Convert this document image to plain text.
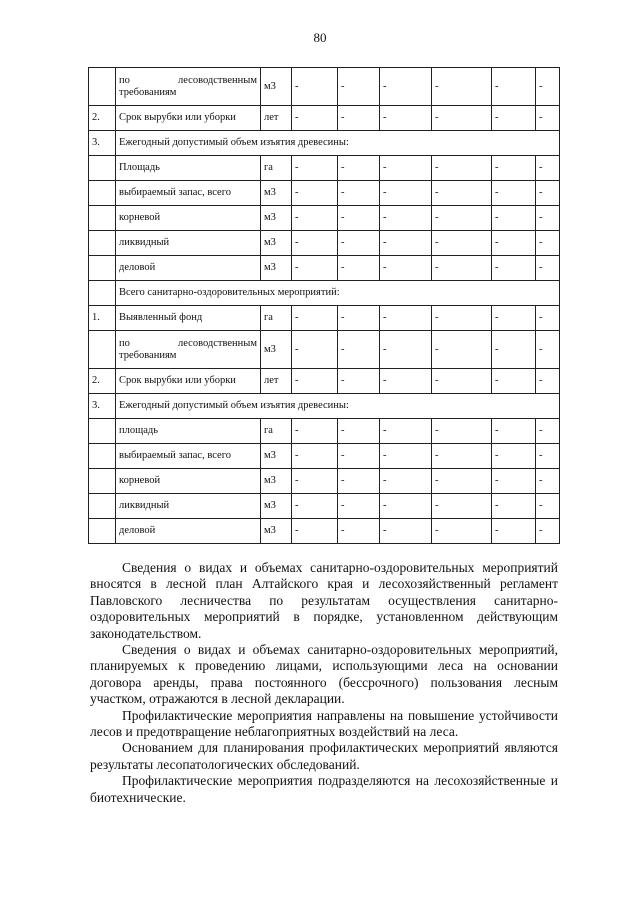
80
	по лесоводственным требованиям	м3	-	-	-	-	-	-
2.	Срок вырубки или уборки	лет	-	-	-	-	-	-
3.	Ежегодный допустимый объем изъятия древесины:							
	Площадь	га	-	-	-	-	-	-
	выбираемый запас, всего	м3	-	-	-	-	-	-
	корневой	м3	-	-	-	-	-	-
	ликвидный	м3	-	-	-	-	-	-
	деловой	м3	-	-	-	-	-	-
	Всего санитарно-оздоровительных мероприятий:							
1.	Выявленный фонд	га	-	-	-	-	-	-
	по лесоводственным требованиям	м3	-	-	-	-	-	-
2.	Срок вырубки или уборки	лет	-	-	-	-	-	-
3.	Ежегодный допустимый объем изъятия древесины:							
	площадь	га	-	-	-	-	-	-
	выбираемый запас, всего	м3	-	-	-	-	-	-
	корневой	м3	-	-	-	-	-	-
	ликвидный	м3	-	-	-	-	-	-
	деловой	м3	-	-	-	-	-	-

Сведения о видах и объемах санитарно-оздоровительных мероприятий вносятся в лесной план Алтайского края и лесохозяйственный регламент Павловского лесничества по результатам осуществления санитарно-оздоровительных мероприятий в порядке, установленном действующим законодательством.

Сведения о видах и объемах санитарно-оздоровительных мероприятий, планируемых к проведению лицами, использующими леса на основании договора аренды, права постоянного (бессрочного) пользования лесным участком, отражаются в лесной декларации.

Профилактические мероприятия направлены на повышение устойчивости лесов и предотвращение неблагоприятных воздействий на леса.

Основанием для планирования профилактических мероприятий являются результаты лесопатологических обследований.

Профилактические мероприятия подразделяются на лесохозяйственные и биотехнические.
